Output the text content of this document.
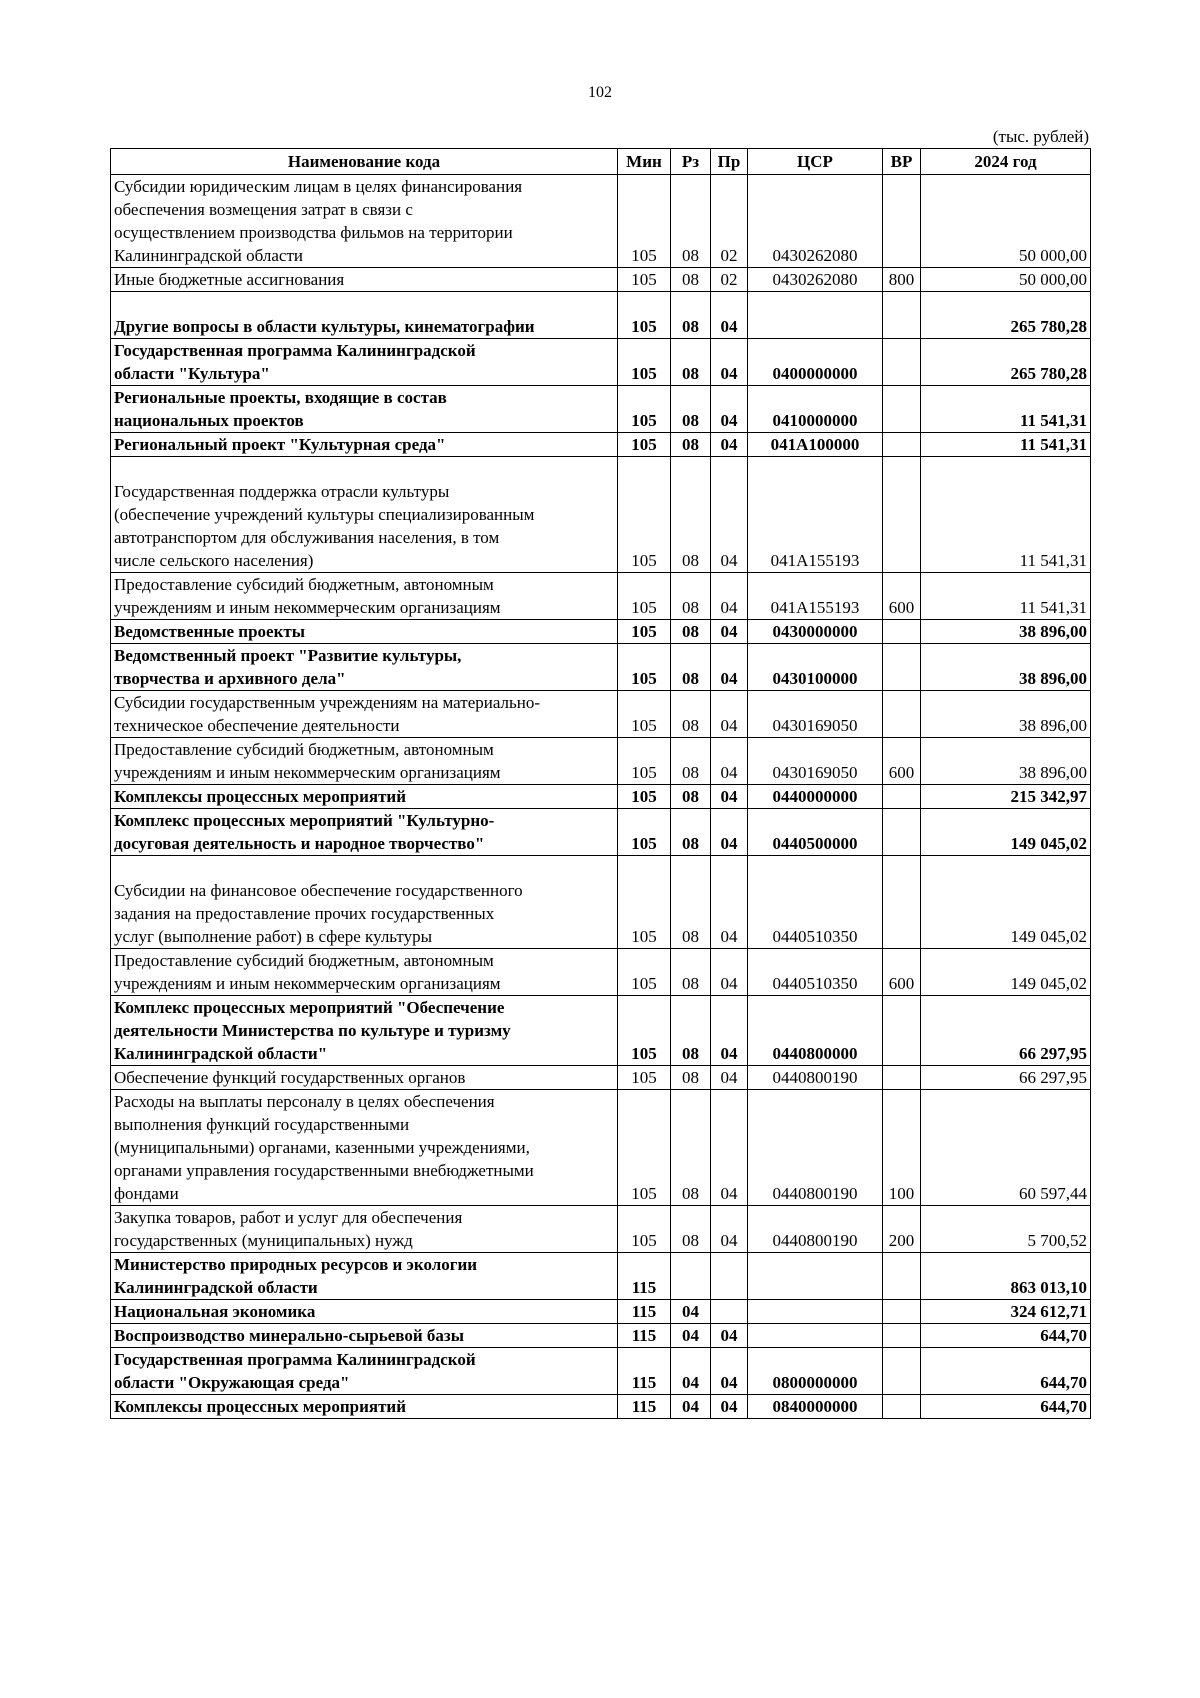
102
(тыс. рублей)
Наименование кода	Мин	Рз	Пр	ЦСР	ВР	2024 год

Субсидии юридическим лицам в целях финансирования
обеспечения возмещения затрат в связи с
осуществлением производства фильмов на территории
Калининградской области	105	08	02	0430262080		50 000,00

Иные бюджетные ассигнования	105	08	02	0430262080	800	50 000,00

Другие вопросы в области культуры, кинематографии	105	08	04			265 780,28

Государственная программа Калининградской
области "Культура"	105	08	04	0400000000		265 780,28

Региональные проекты, входящие в состав
национальных проектов	105	08	04	0410000000		11 541,31

Региональный проект "Культурная среда"	105	08	04	041А100000		11 541,31

Государственная поддержка отрасли культуры
(обеспечение учреждений культуры специализированным
автотранспортом для обслуживания населения, в том
числе сельского населения)	105	08	04	041А155193		11 541,31

Предоставление субсидий бюджетным, автономным
учреждениям и иным некоммерческим организациям	105	08	04	041А155193	600	11 541,31

Ведомственные проекты	105	08	04	0430000000		38 896,00

Ведомственный проект "Развитие культуры,
творчества и архивного дела"	105	08	04	0430100000		38 896,00

Субсидии государственным учреждениям на материально-
техническое обеспечение деятельности	105	08	04	0430169050		38 896,00

Предоставление субсидий бюджетным, автономным
учреждениям и иным некоммерческим организациям	105	08	04	0430169050	600	38 896,00

Комплексы процессных мероприятий	105	08	04	0440000000		215 342,97

Комплекс процессных мероприятий "Культурно-
досуговая деятельность и народное творчество"	105	08	04	0440500000		149 045,02

Субсидии на финансовое обеспечение государственного
задания на предоставление прочих государственных
услуг (выполнение работ) в сфере культуры	105	08	04	0440510350		149 045,02

Предоставление субсидий бюджетным, автономным
учреждениям и иным некоммерческим организациям	105	08	04	0440510350	600	149 045,02

Комплекс процессных мероприятий "Обеспечение
деятельности Министерства по культуре и туризму
Калининградской области"	105	08	04	0440800000		66 297,95

Обеспечение функций государственных органов	105	08	04	0440800190		66 297,95

Расходы на выплаты персоналу в целях обеспечения
выполнения функций государственными
(муниципальными) органами, казенными учреждениями,
органами управления государственными внебюджетными
фондами	105	08	04	0440800190	100	60 597,44

Закупка товаров, работ и услуг для обеспечения
государственных (муниципальных) нужд	105	08	04	0440800190	200	5 700,52

Министерство природных ресурсов и экологии
Калининградской области	115					863 013,10

Национальная экономика	115	04				324 612,71

Воспроизводство минерально-сырьевой базы	115	04	04			644,70

Государственная программа Калининградской
области "Окружающая среда"	115	04	04	0800000000		644,70

Комплексы процессных мероприятий	115	04	04	0840000000		644,70
